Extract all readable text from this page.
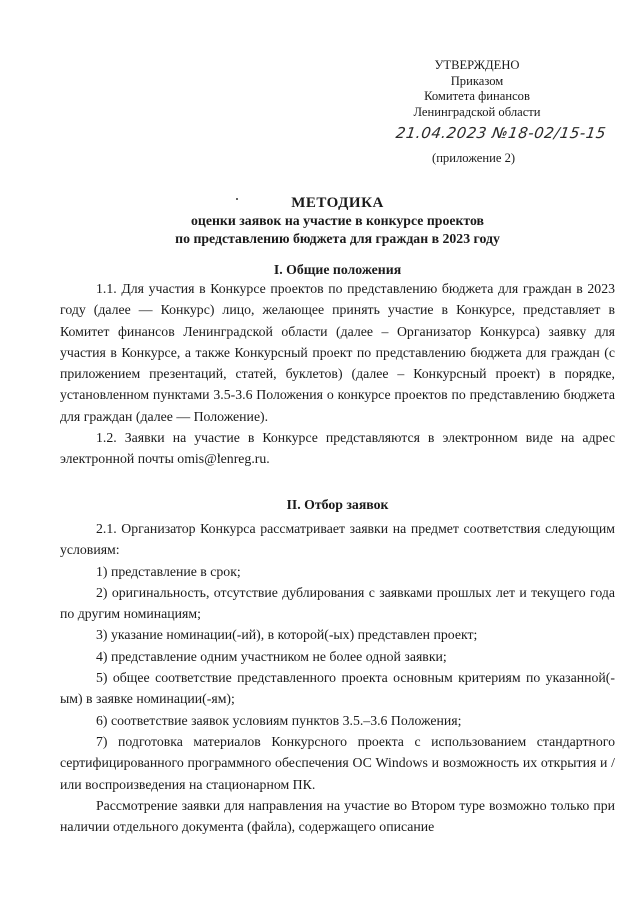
УТВЕРЖДЕНО
Приказом
Комитета финансов
Ленинградской области
21.04.2023 №18-02/15-15
(приложение 2)
МЕТОДИКА
оценки заявок на участие в конкурсе проектов
по представлению бюджета для граждан в 2023 году
I. Общие положения

1.1. Для участия в Конкурсе проектов по представлению бюджета для граждан в 2023 году (далее — Конкурс) лицо, желающее принять участие в Конкурсе, представляет в Комитет финансов Ленинградской области (далее – Организатор Конкурса) заявку для участия в Конкурсе, а также Конкурсный проект по представлению бюджета для граждан (с приложением презентаций, статей, буклетов) (далее – Конкурсный проект) в порядке, установленном пунктами 3.5-3.6 Положения о конкурсе проектов по представлению бюджета для граждан (далее — Положение).

1.2. Заявки на участие в Конкурсе представляются в электронном виде на адрес электронной почты omis@lenreg.ru.

II. Отбор заявок

2.1. Организатор Конкурса рассматривает заявки на предмет соответствия следующим условиям:

1) представление в срок;

2) оригинальность, отсутствие дублирования с заявками прошлых лет и текущего года по другим номинациям;

3) указание номинации(-ий), в которой(-ых) представлен проект;

4) представление одним участником не более одной заявки;

5) общее соответствие представленного проекта основным критериям по указанной(-ым) в заявке номинации(-ям);

6) соответствие заявок условиям пунктов 3.5.–3.6 Положения;

7) подготовка материалов Конкурсного проекта с использованием стандартного сертифицированного программного обеспечения ОС Windows и возможность их открытия и /или воспроизведения на стационарном ПК.

Рассмотрение заявки для направления на участие во Втором туре возможно только при наличии отдельного документа (файла), содержащего описание
